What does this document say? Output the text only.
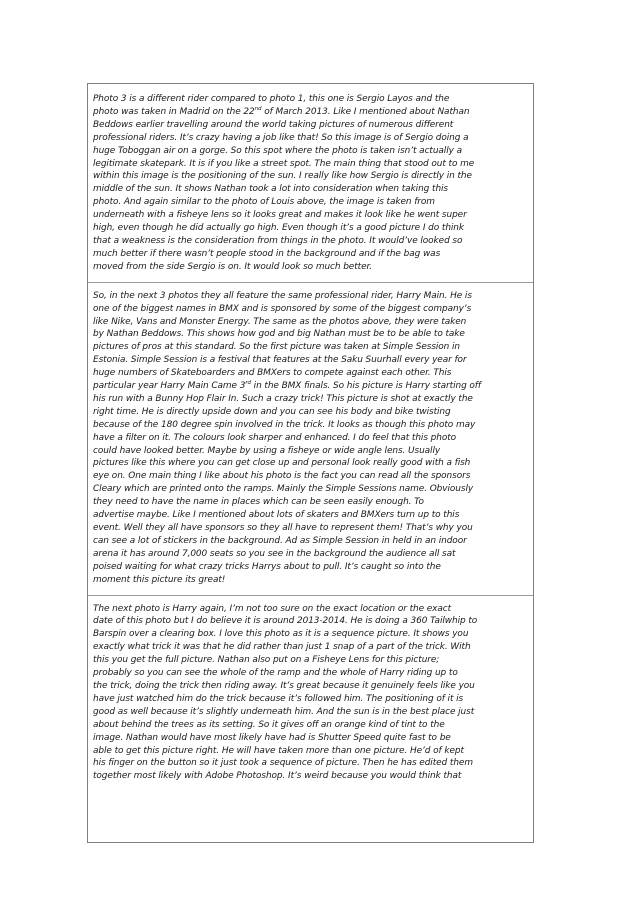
Photo 3 is a different rider compared to photo 1, this one is Sergio Layos and the
photo was taken in Madrid on the 22nd of March 2013. Like I mentioned about Nathan
Beddows earlier travelling around the world taking pictures of numerous different
professional riders. It’s crazy having a job like that! So this image is of Sergio doing a
huge Toboggan air on a gorge. So this spot where the photo is taken isn’t actually a
legitimate skatepark. It is if you like a street spot. The main thing that stood out to me
within this image is the positioning of the sun. I really like how Sergio is directly in the
middle of the sun. It shows Nathan took a lot into consideration when taking this
photo. And again similar to the photo of Louis above, the image is taken from
underneath with a fisheye lens so it looks great and makes it look like he went super
high, even though he did actually go high. Even though it’s a good picture I do think
that a weakness is the consideration from things in the photo. It would’ve looked so
much better if there wasn’t people stood in the background and if the bag was
moved from the side Sergio is on. It would look so much better.
So, in the next 3 photos they all feature the same professional rider, Harry Main. He is
one of the biggest names in BMX and is sponsored by some of the biggest company’s
like Nike, Vans and Monster Energy. The same as the photos above, they were taken
by Nathan Beddows. This shows how god and big Nathan must be to be able to take
pictures of pros at this standard. So the first picture was taken at Simple Session in
Estonia. Simple Session is a festival that features at the Saku Suurhall every year for
huge numbers of Skateboarders and BMXers to compete against each other. This
particular year Harry Main Came 3rd in the BMX finals. So his picture is Harry starting off
his run with a Bunny Hop Flair In. Such a crazy trick! This picture is shot at exactly the
right time. He is directly upside down and you can see his body and bike twisting
because of the 180 degree spin involved in the trick. It looks as though this photo may
have a filter on it. The colours look sharper and enhanced. I do feel that this photo
could have looked better. Maybe by using a fisheye or wide angle lens. Usually
pictures like this where you can get close up and personal look really good with a fish
eye on. One main thing I like about his photo is the fact you can read all the sponsors
Cleary which are printed onto the ramps. Mainly the Simple Sessions name. Obviously
they need to have the name in places which can be seen easily enough. To
advertise maybe. Like I mentioned about lots of skaters and BMXers turn up to this
event. Well they all have sponsors so they all have to represent them! That’s why you
can see a lot of stickers in the background. Ad as Simple Session in held in an indoor
arena it has around 7,000 seats so you see in the background the audience all sat
poised waiting for what crazy tricks Harrys about to pull. It’s caught so into the
moment this picture its great!
The next photo is Harry again, I’m not too sure on the exact location or the exact
date of this photo but I do believe it is around 2013-2014. He is doing a 360 Tailwhip to
Barspin over a clearing box. I love this photo as it is a sequence picture. It shows you
exactly what trick it was that he did rather than just 1 snap of a part of the trick. With
this you get the full picture. Nathan also put on a Fisheye Lens for this picture;
probably so you can see the whole of the ramp and the whole of Harry riding up to
the trick, doing the trick then riding away. It’s great because it genuinely feels like you
have just watched him do the trick because it’s followed him. The positioning of it is
good as well because it’s slightly underneath him. And the sun is in the best place just
about behind the trees as its setting. So it gives off an orange kind of tint to the
image. Nathan would have most likely have had is Shutter Speed quite fast to be
able to get this picture right. He will have taken more than one picture. He’d of kept
his finger on the button so it just took a sequence of picture. Then he has edited them
together most likely with Adobe Photoshop. It’s weird because you would think that
